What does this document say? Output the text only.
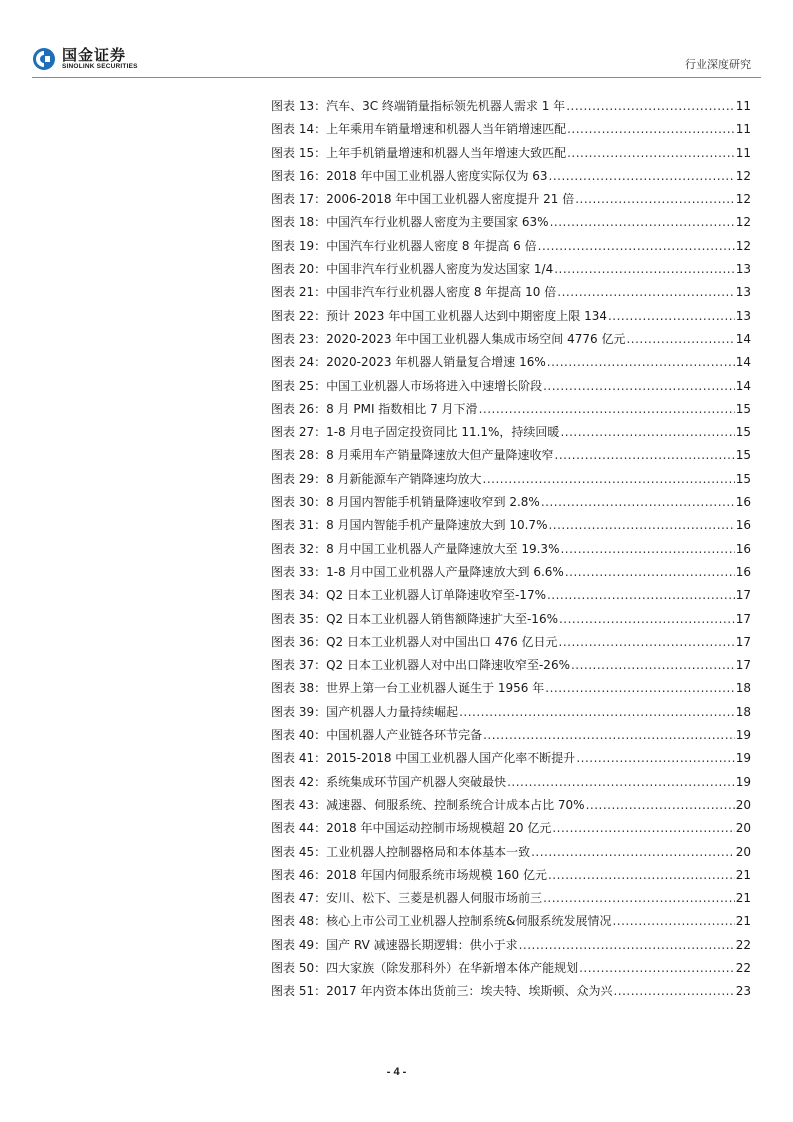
国金证券
SINOLINK SECURITIES	行业深度研究
图表 13：汽车、3C 终端销量指标领先机器人需求 1 年 .....	11
图表 14：上年乘用车销量增速和机器人当年销增速匹配 .....	11
图表 15：上年手机销量增速和机器人当年增速大致匹配 .....	11
图表 16：2018 年中国工业机器人密度实际仅为 63 .....	12
图表 17：2006-2018 年中国工业机器人密度提升 21 倍 .....	12
图表 18：中国汽车行业机器人密度为主要国家 63% .....	12
图表 19：中国汽车行业机器人密度 8 年提高 6 倍 .....	12
图表 20：中国非汽车行业机器人密度为发达国家 1/4 .....	13
图表 21：中国非汽车行业机器人密度 8 年提高 10 倍 .....	13
图表 22：预计 2023 年中国工业机器人达到中期密度上限 134 .....	13
图表 23：2020-2023 年中国工业机器人集成市场空间 4776 亿元 .....	14
图表 24：2020-2023 年机器人销量复合增速 16% .....	14
图表 25：中国工业机器人市场将进入中速增长阶段 .....	14
图表 26：8 月 PMI 指数相比 7 月下滑 .....	15
图表 27：1-8 月电子固定投资同比 11.1%，持续回暖 .....	15
图表 28：8 月乘用车产销量降速放大但产量降速收窄 .....	15
图表 29：8 月新能源车产销降速均放大 .....	15
图表 30：8 月国内智能手机销量降速收窄到 2.8% .....	16
图表 31：8 月国内智能手机产量降速放大到 10.7% .....	16
图表 32：8 月中国工业机器人产量降速放大至 19.3% .....	16
图表 33：1-8 月中国工业机器人产量降速放大到 6.6% .....	16
图表 34：Q2 日本工业机器人订单降速收窄至-17% .....	17
图表 35：Q2 日本工业机器人销售额降速扩大至-16% .....	17
图表 36：Q2 日本工业机器人对中国出口 476 亿日元 .....	17
图表 37：Q2 日本工业机器人对中出口降速收窄至-26% .....	17
图表 38：世界上第一台工业机器人诞生于 1956 年 .....	18
图表 39：国产机器人力量持续崛起 .....	18
图表 40：中国机器人产业链各环节完备 .....	19
图表 41：2015-2018 中国工业机器人国产化率不断提升 .....	19
图表 42：系统集成环节国产机器人突破最快 .....	19
图表 43：减速器、伺服系统、控制系统合计成本占比 70% .....	20
图表 44：2018 年中国运动控制市场规模超 20 亿元 .....	20
图表 45：工业机器人控制器格局和本体基本一致 .....	20
图表 46：2018 年国内伺服系统市场规模 160 亿元 .....	21
图表 47：安川、松下、三菱是机器人伺服市场前三 .....	21
图表 48：核心上市公司工业机器人控制系统&伺服系统发展情况 .....	21
图表 49：国产 RV 减速器长期逻辑：供小于求 .....	22
图表 50：四大家族（除发那科外）在华新增本体产能规划 .....	22
图表 51：2017 年内资本体出货前三：埃夫特、埃斯顿、众为兴 .....	23
- 4 -
